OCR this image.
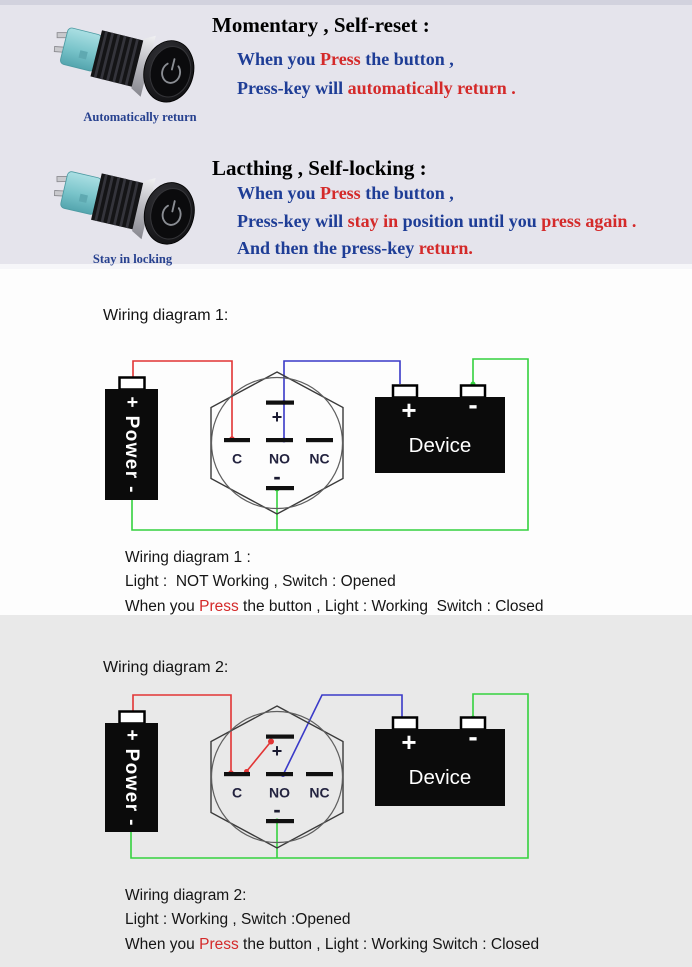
+ Power -
+
C NO NC
-
+ -
Device
+ Power -
+
C NO NC
-
+ -
Device
Momentary , Self-reset :
When you Press the button ,
Press-key will automatically return .
Automatically return
Lacthing , Self-locking :
When you Press the button ,
Press-key will stay in position until you press again .
And then the press-key return.
Stay in locking
Wiring diagram 1:
Wiring diagram 1 :
Light :  NOT Working , Switch : Opened
When you Press the button , Light : Working  Switch : Closed
Wiring diagram 2:
Wiring diagram 2:
Light : Working , Switch :Opened
When you Press the button , Light : Working Switch : Closed
